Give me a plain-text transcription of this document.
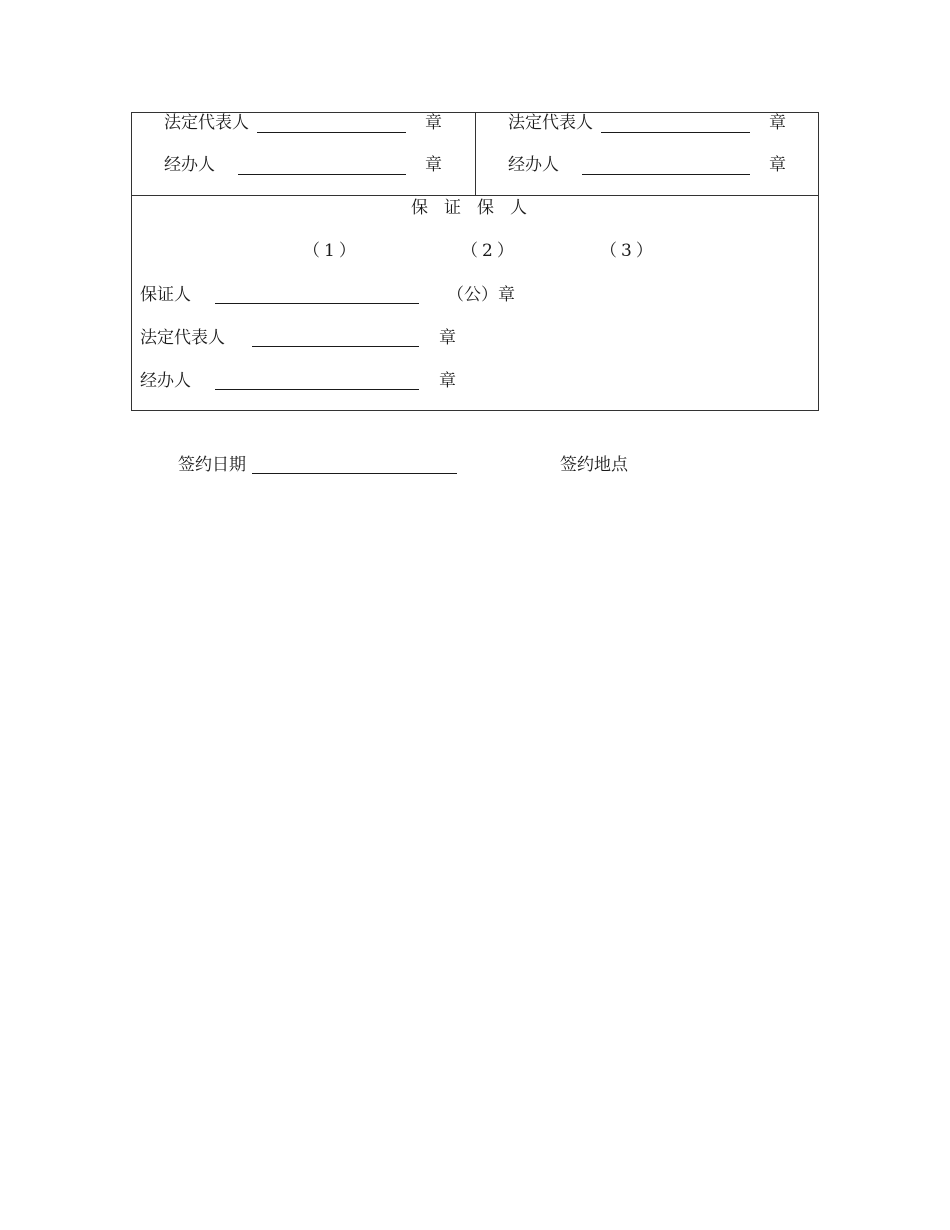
法定代表人	章
经办人	章
法定代表人	章
经办人	章
保证保人
（1）	（2）	（3）
保证人	（公）章
法定代表人	章
经办人	章
签约日期	签约地点
